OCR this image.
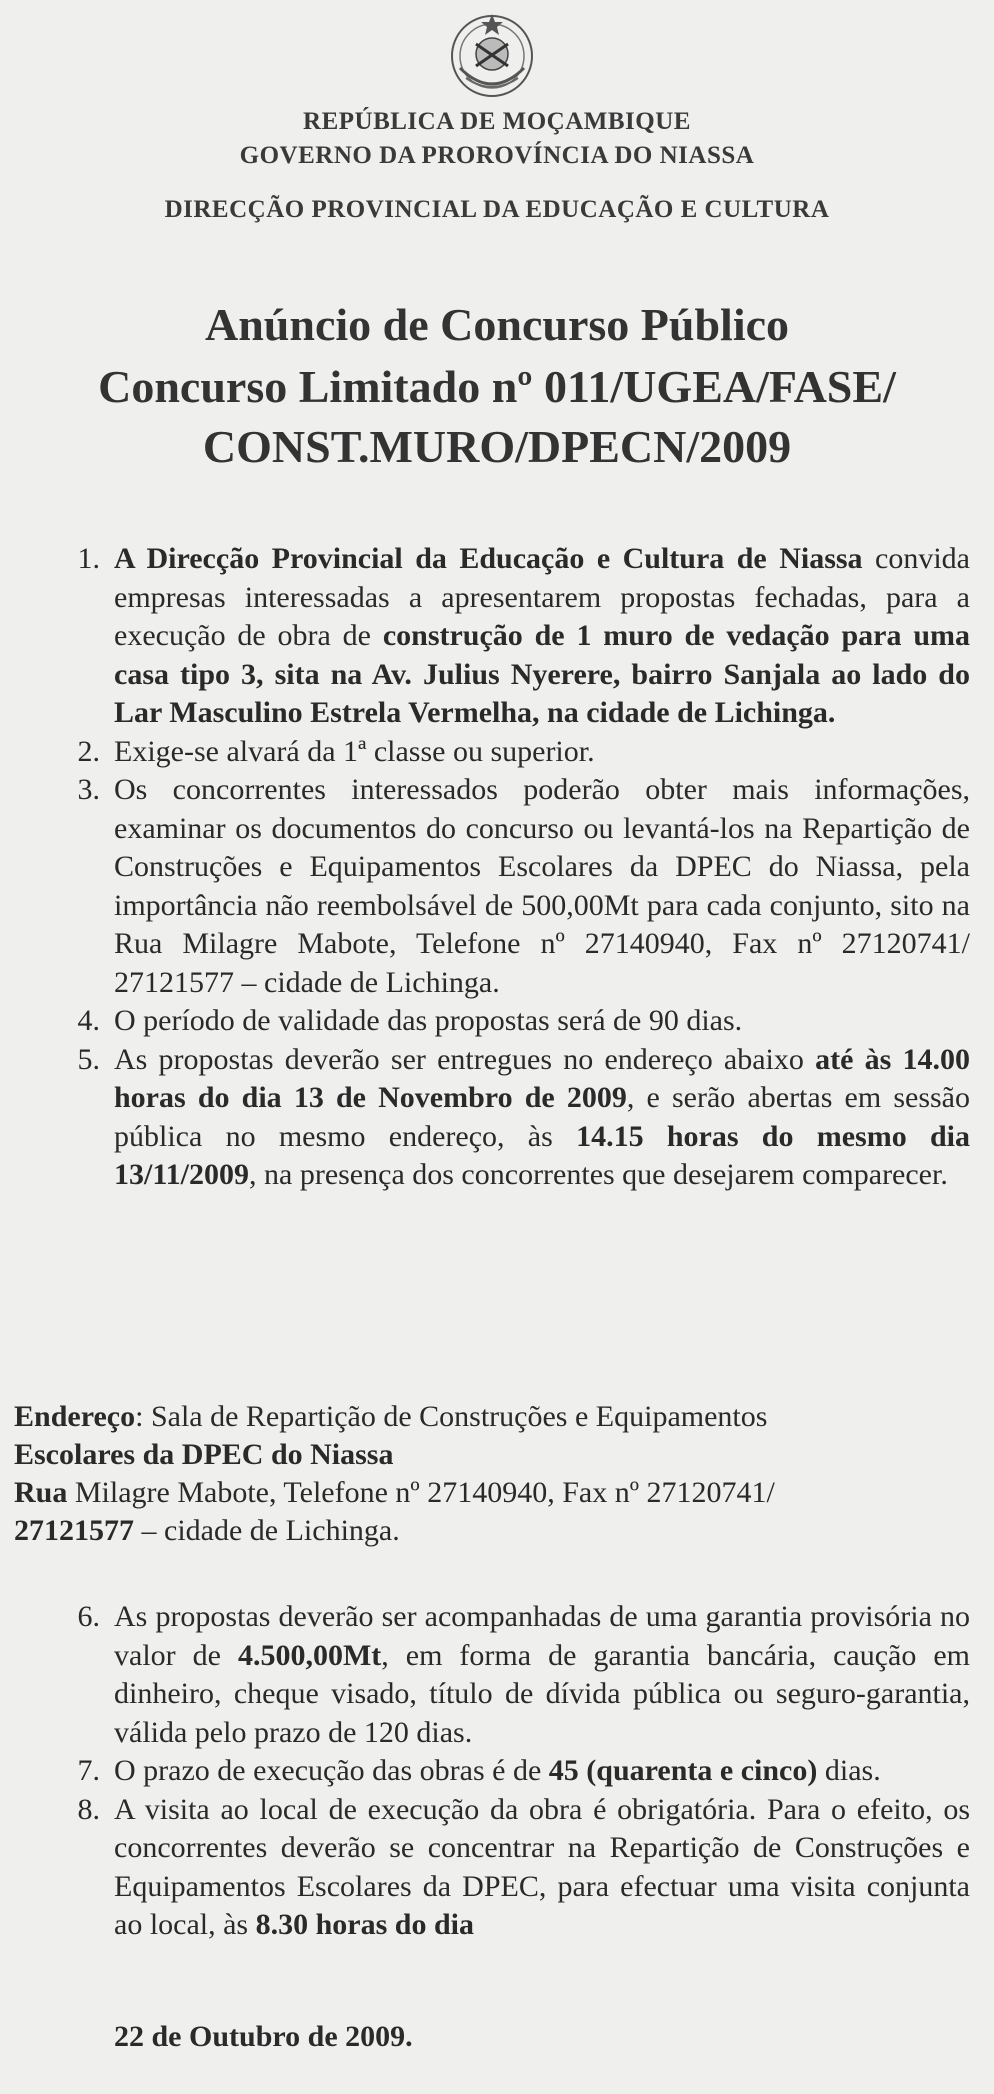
REPÚBLICA DE MOÇAMBIQUE
GOVERNO DA PROROVÍNCIA DO NIASSA
DIRECÇÃO PROVINCIAL DA EDUCAÇÃO E CULTURA
Anúncio de Concurso Público
Concurso Limitado nº 011/UGEA/FASE/
CONST.MURO/DPECN/2009
1. A Direcção Provincial da Educação e Cultura de Niassa convida empresas interessadas a apresentarem propostas fechadas, para a execução de obra de construção de 1 muro de vedação para uma casa tipo 3, sita na Av. Julius Nyerere, bairro Sanjala ao lado do Lar Masculino Estrela Vermelha, na cidade de Lichinga.
2. Exige-se alvará da 1ª classe ou superior.
3. Os concorrentes interessados poderão obter mais informações, examinar os documentos do concurso ou levantá-los na Repartição de Construções e Equipamentos Escolares da DPEC do Niassa, pela importância não reembolsável de 500,00Mt para cada conjunto, sito na Rua Milagre Mabote, Telefone nº 27140940, Fax nº 27120741/ 27121577 – cidade de Lichinga.
4. O período de validade das propostas será de 90 dias.
5. As propostas deverão ser entregues no endereço abaixo até às 14.00 horas do dia 13 de Novembro de 2009, e serão abertas em sessão pública no mesmo endereço, às 14.15 horas do mesmo dia 13/11/2009, na presença dos concorrentes que desejarem comparecer.
Endereço: Sala de Repartição de Construções e Equipamentos
Escolares da DPEC do Niassa
Rua Milagre Mabote, Telefone nº 27140940, Fax nº 27120741/
27121577 – cidade de Lichinga.
6. As propostas deverão ser acompanhadas de uma garantia provisória no valor de 4.500,00Mt, em forma de garantia bancária, caução em dinheiro, cheque visado, título de dívida pública ou seguro-garantia, válida pelo prazo de 120 dias.
7. O prazo de execução das obras é de 45 (quarenta e cinco) dias.
8. A visita ao local de execução da obra é obrigatória. Para o efeito, os concorrentes deverão se concentrar na Repartição de Construções e Equipamentos Escolares da DPEC, para efectuar uma visita conjunta ao local, às 8.30 horas do dia
22 de Outubro de 2009.
